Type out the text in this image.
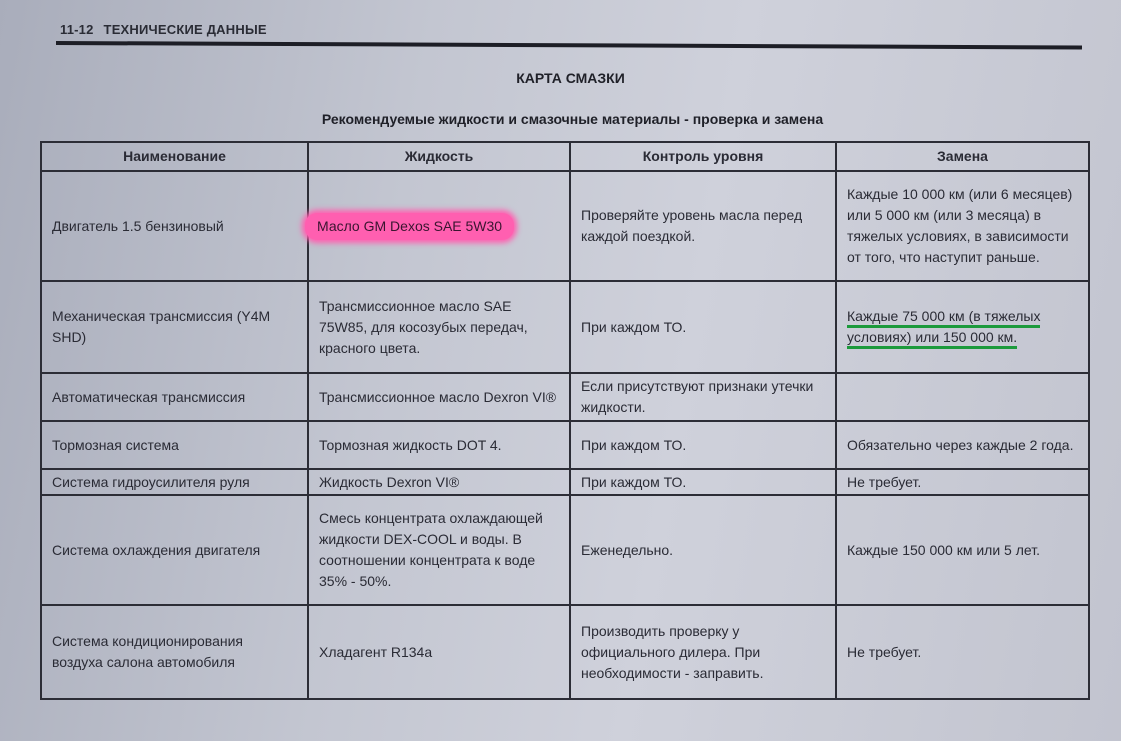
11-12 ТЕХНИЧЕСКИЕ ДАННЫЕ
КАРТА СМАЗКИ
Рекомендуемые жидкости и смазочные материалы - проверка и замена
Наименование	Жидкость	Контроль уровня	Замена
Двигатель 1.5 бензиновый	Масло GM Dexos SAE 5W30	Проверяйте уровень масла перед каждой поездкой.	Каждые 10 000 км (или 6 месяцев) или 5 000 км (или 3 месяца) в тяжелых условиях, в зависимости от того, что наступит раньше.
Механическая трансмиссия (Y4M SHD)	Трансмиссионное масло SAE 75W85, для косозубых передач, красного цвета.	При каждом ТО.	Каждые 75 000 км (в тяжелых условиях) или 150 000 км.
Автоматическая трансмиссия	Трансмиссионное масло Dexron VI®	Если присутствуют признаки утечки жидкости.	
Тормозная система	Тормозная жидкость DOT 4.	При каждом ТО.	Обязательно через каждые 2 года.
Система гидроусилителя руля	Жидкость Dexron VI®	При каждом ТО.	Не требует.
Система охлаждения двигателя	Смесь концентрата охлаждающей жидкости DEX-COOL и воды. В соотношении концентрата к воде 35% - 50%.	Еженедельно.	Каждые 150 000 км или 5 лет.
Система кондиционирования воздуха салона автомобиля	Хладагент R134a	Производить проверку у официального дилера. При необходимости - заправить.	Не требует.
